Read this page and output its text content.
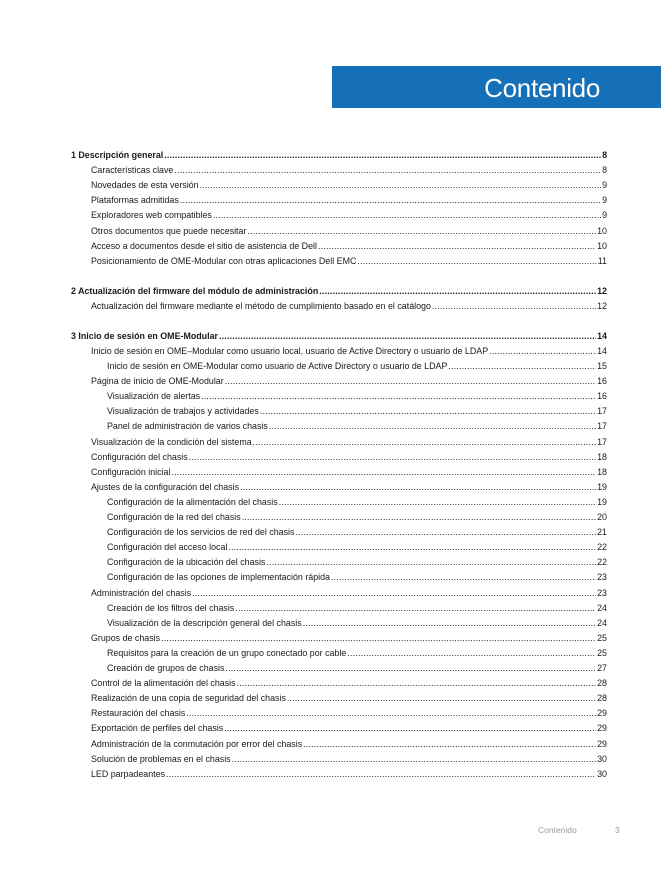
Contenido
1 Descripción general .....	8
Características clave .....	8
Novedades de esta versión .....	9
Plataformas admitidas .....	9
Exploradores web compatibles .....	9
Otros documentos que puede necesitar .....	10
Acceso a documentos desde el sitio de asistencia de Dell .....	10
Posicionamiento de OME-Modular con otras aplicaciones Dell EMC .....	11
2 Actualización del firmware del módulo de administración .....	12
Actualización del firmware mediante el método de cumplimiento basado en el catálogo .....	12
3 Inicio de sesión en OME-Modular .....	14
Inicio de sesión en OME–Modular como usuario local, usuario de Active Directory o usuario de LDAP .....	14
Inicio de sesión en OME-Modular como usuario de Active Directory o usuario de LDAP .....	15
Página de inicio de OME-Modular .....	16
Visualización de alertas .....	16
Visualización de trabajos y actividades .....	17
Panel de administración de varios chasis .....	17
Visualización de la condición del sistema .....	17
Configuración del chasis .....	18
Configuración inicial .....	18
Ajustes de la configuración del chasis .....	19
Configuración de la alimentación del chasis .....	19
Configuración de la red del chasis .....	20
Configuración de los servicios de red del chasis .....	21
Configuración del acceso local .....	22
Configuración de la ubicación del chasis .....	22
Configuración de las opciones de implementación rápida .....	23
Administración del chasis .....	23
Creación de los filtros del chasis .....	24
Visualización de la descripción general del chasis .....	24
Grupos de chasis .....	25
Requisitos para la creación de un grupo conectado por cable .....	25
Creación de grupos de chasis .....	27
Control de la alimentación del chasis .....	28
Realización de una copia de seguridad del chasis .....	28
Restauración del chasis .....	29
Exportación de perfiles del chasis .....	29
Administración de la conmutación por error del chasis .....	29
Solución de problemas en el chasis .....	30
LED parpadeantes .....	30
Contenido	3
